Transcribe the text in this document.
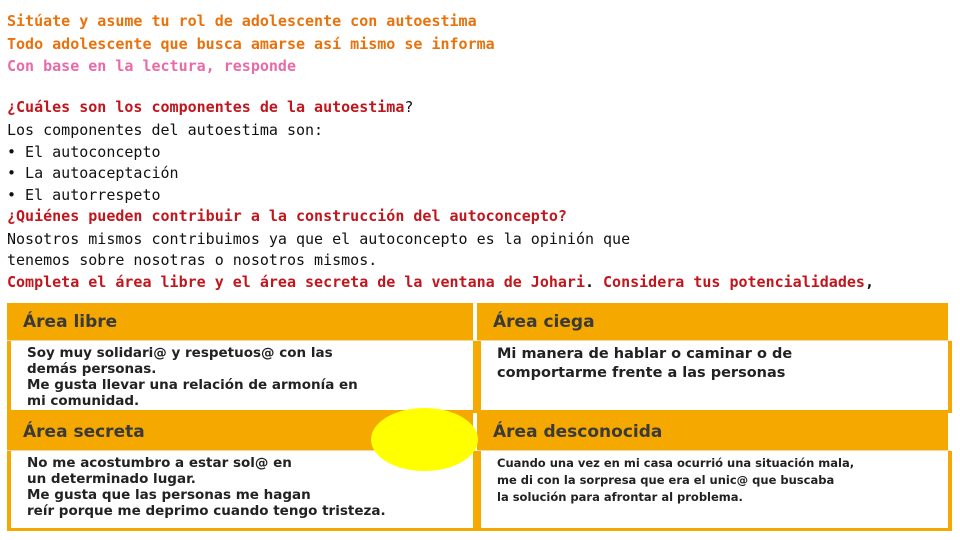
Sitúate y asume tu rol de adolescente con autoestima
Todo adolescente que busca amarse así mismo se informa
Con base en la lectura, responde
¿Cuáles son los componentes de la autoestima?
Los componentes del autoestima son:
• El autoconcepto
• La autoaceptación
• El autorrespeto
¿Quiénes pueden contribuir a la construcción del autoconcepto?
Nosotros mismos contribuimos ya que el autoconcepto es la opinión que
tenemos sobre nosotras o nosotros mismos.
Completa el área libre y el área secreta de la ventana de Johari. Considera tus potencialidades,
Área libre	Área ciega

Soy muy solidari@ y respetuos@ con las
demás personas.
Me gusta llevar una relación de armonía en
mi comunidad.

Mi manera de hablar o caminar o de
comportarme frente a las personas

Área secreta	Área desconocida

No me acostumbro a estar sol@ en
un determinado lugar.
Me gusta que las personas me hagan
reír porque me deprimo cuando tengo tristeza.

Cuando una vez en mi casa ocurrió una situación mala,
me di con la sorpresa que era el unic@ que buscaba
la solución para afrontar al problema.
